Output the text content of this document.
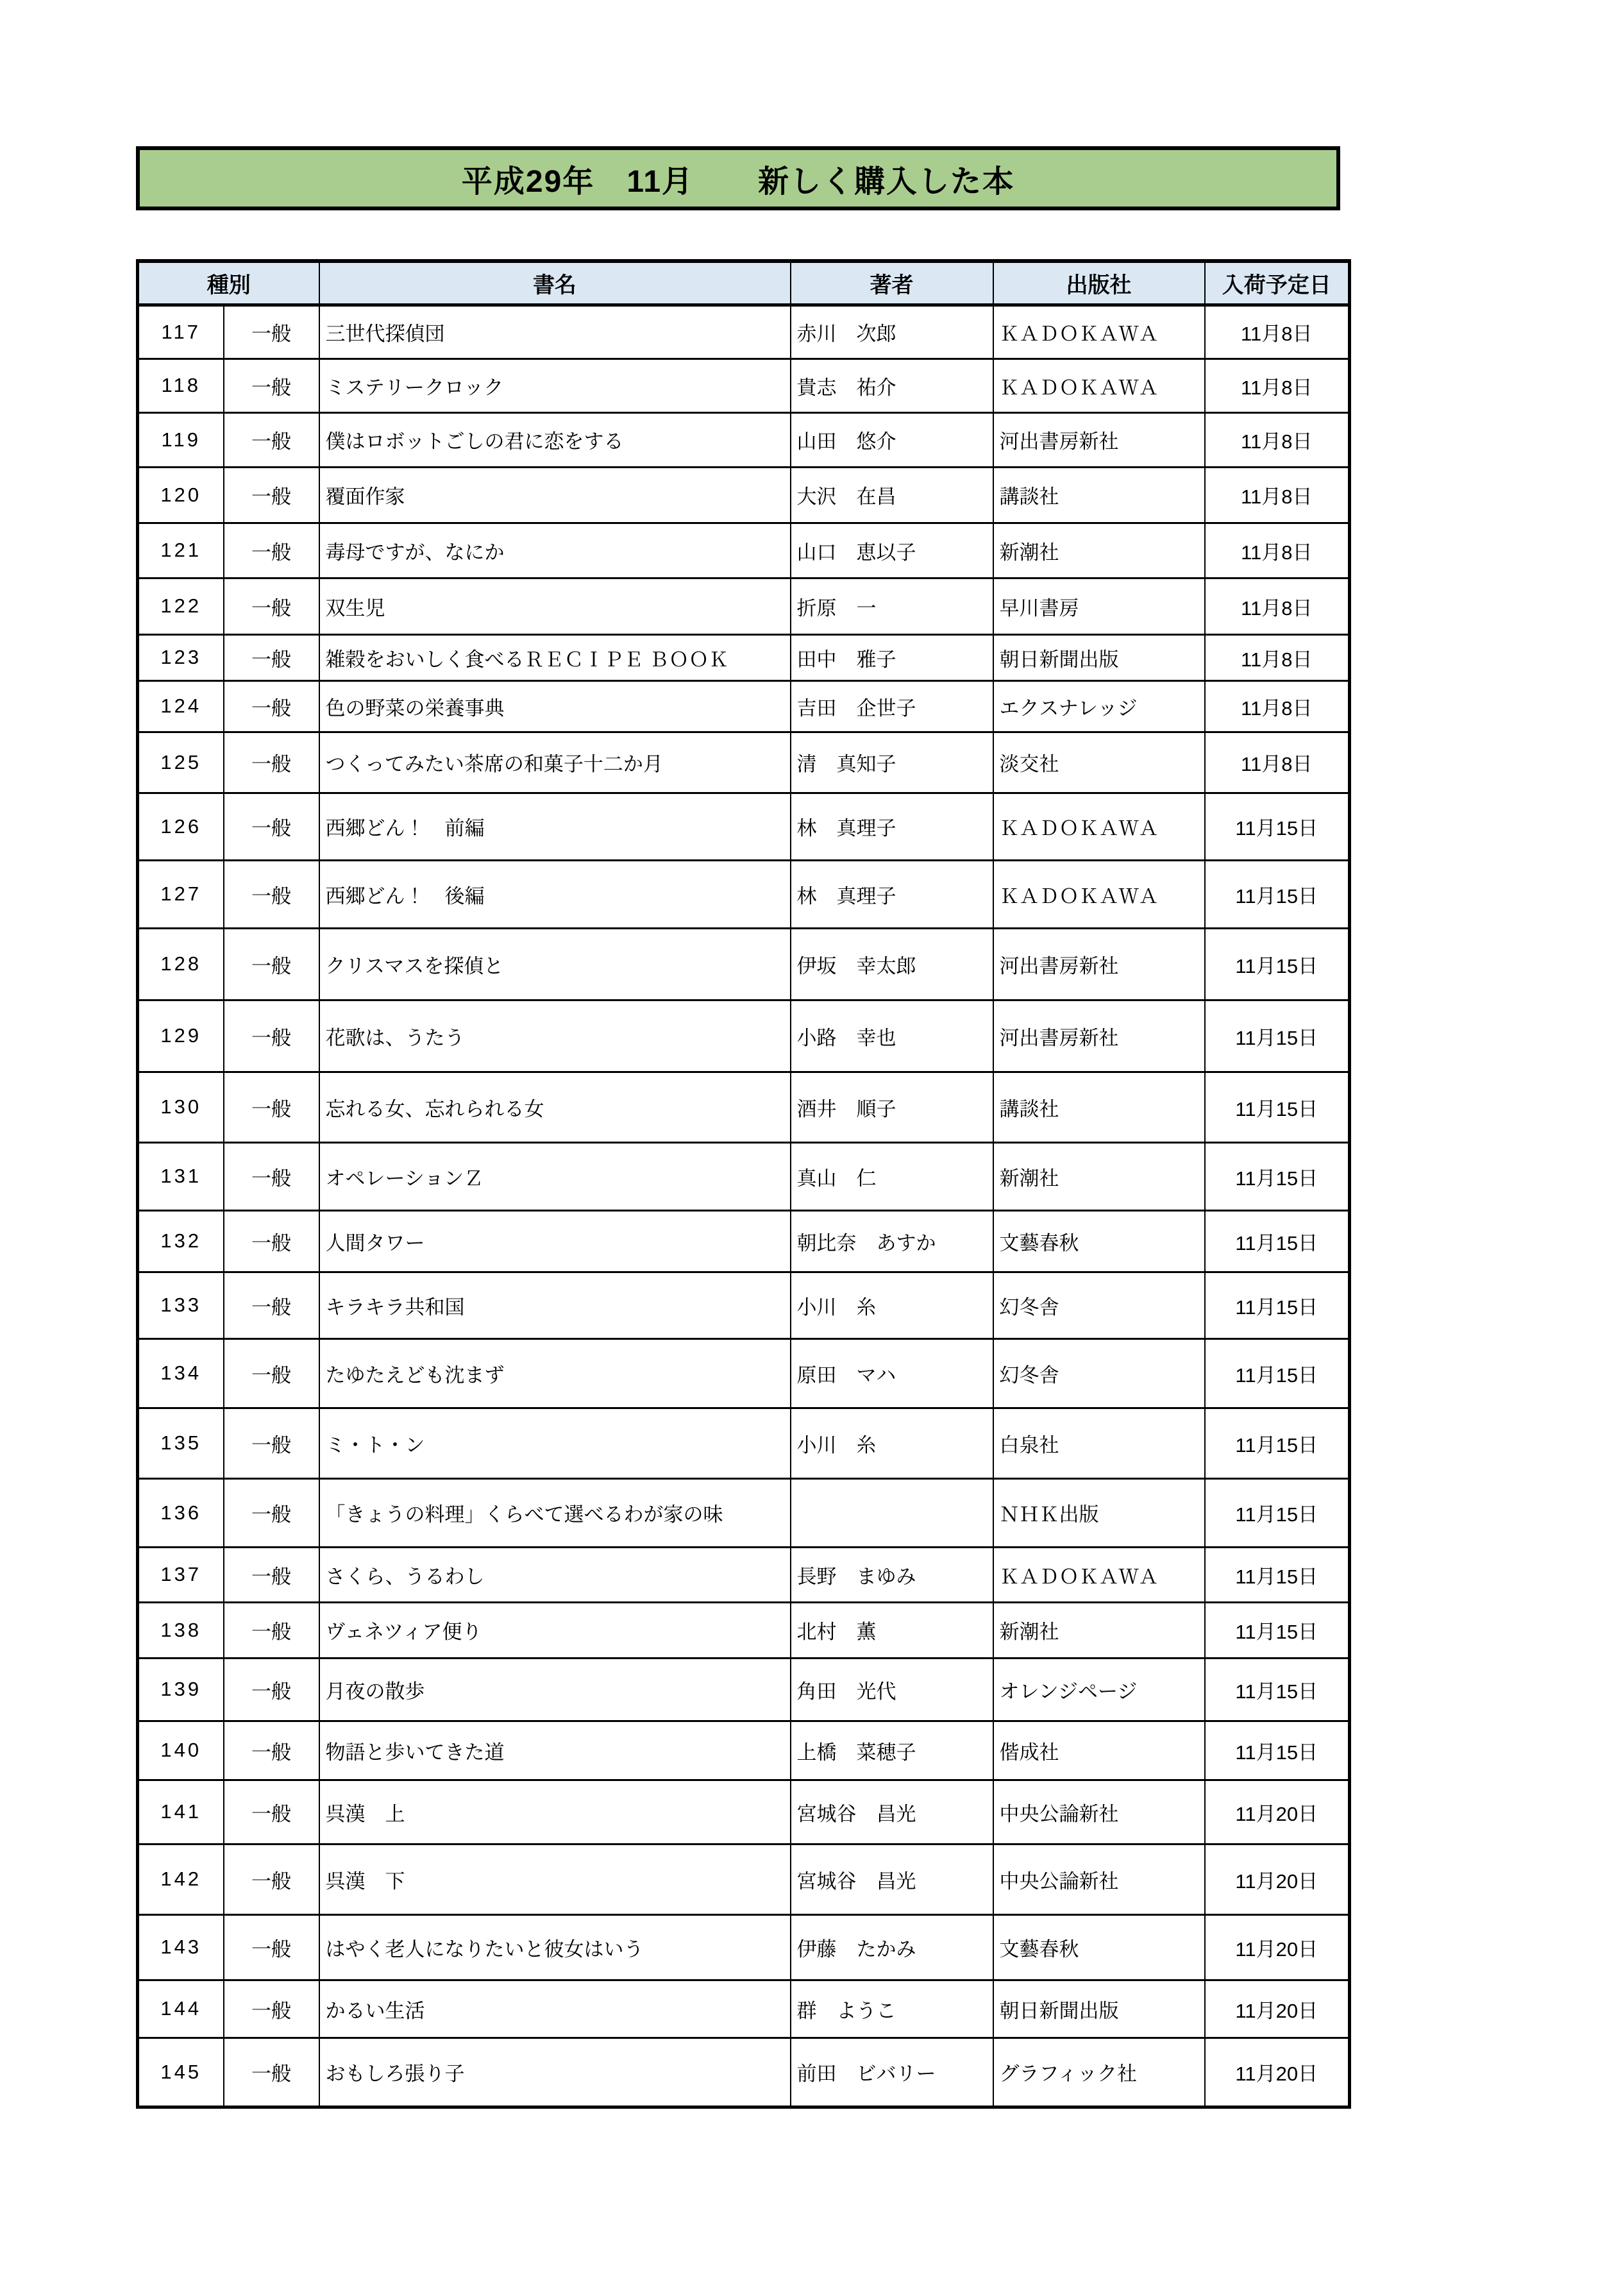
平成29年　11月　　新しく購入した本
種別		書名	著者	出版社	入荷予定日
117	一般	三世代探偵団	赤川　次郎	ＫＡＤＯＫＡＷＡ	11月8日
118	一般	ミステリークロック	貴志　祐介	ＫＡＤＯＫＡＷＡ	11月8日
119	一般	僕はロボットごしの君に恋をする	山田　悠介	河出書房新社	11月8日
120	一般	覆面作家	大沢　在昌	講談社	11月8日
121	一般	毒母ですが、なにか	山口　恵以子	新潮社	11月8日
122	一般	双生児	折原　一	早川書房	11月8日
123	一般	雑穀をおいしく食べるＲＥＣＩＰＥ ＢＯＯＫ	田中　雅子	朝日新聞出版	11月8日
124	一般	色の野菜の栄養事典	吉田　企世子	エクスナレッジ	11月8日
125	一般	つくってみたい茶席の和菓子十二か月	清　真知子	淡交社	11月8日
126	一般	西郷どん！　前編	林　真理子	ＫＡＤＯＫＡＷＡ	11月15日
127	一般	西郷どん！　後編	林　真理子	ＫＡＤＯＫＡＷＡ	11月15日
128	一般	クリスマスを探偵と	伊坂　幸太郎	河出書房新社	11月15日
129	一般	花歌は、うたう	小路　幸也	河出書房新社	11月15日
130	一般	忘れる女、忘れられる女	酒井　順子	講談社	11月15日
131	一般	オペレーションＺ	真山　仁	新潮社	11月15日
132	一般	人間タワー	朝比奈　あすか	文藝春秋	11月15日
133	一般	キラキラ共和国	小川　糸	幻冬舎	11月15日
134	一般	たゆたえども沈まず	原田　マハ	幻冬舎	11月15日
135	一般	ミ・ト・ン	小川　糸	白泉社	11月15日
136	一般	「きょうの料理」くらべて選べるわが家の味		ＮＨＫ出版	11月15日
137	一般	さくら、うるわし	長野　まゆみ	ＫＡＤＯＫＡＷＡ	11月15日
138	一般	ヴェネツィア便り	北村　薫	新潮社	11月15日
139	一般	月夜の散歩	角田　光代	オレンジページ	11月15日
140	一般	物語と歩いてきた道	上橋　菜穂子	偕成社	11月15日
141	一般	呉漢　上	宮城谷　昌光	中央公論新社	11月20日
142	一般	呉漢　下	宮城谷　昌光	中央公論新社	11月20日
143	一般	はやく老人になりたいと彼女はいう	伊藤　たかみ	文藝春秋	11月20日
144	一般	かるい生活	群　ようこ	朝日新聞出版	11月20日
145	一般	おもしろ張り子	前田　ビバリー	グラフィック社	11月20日
